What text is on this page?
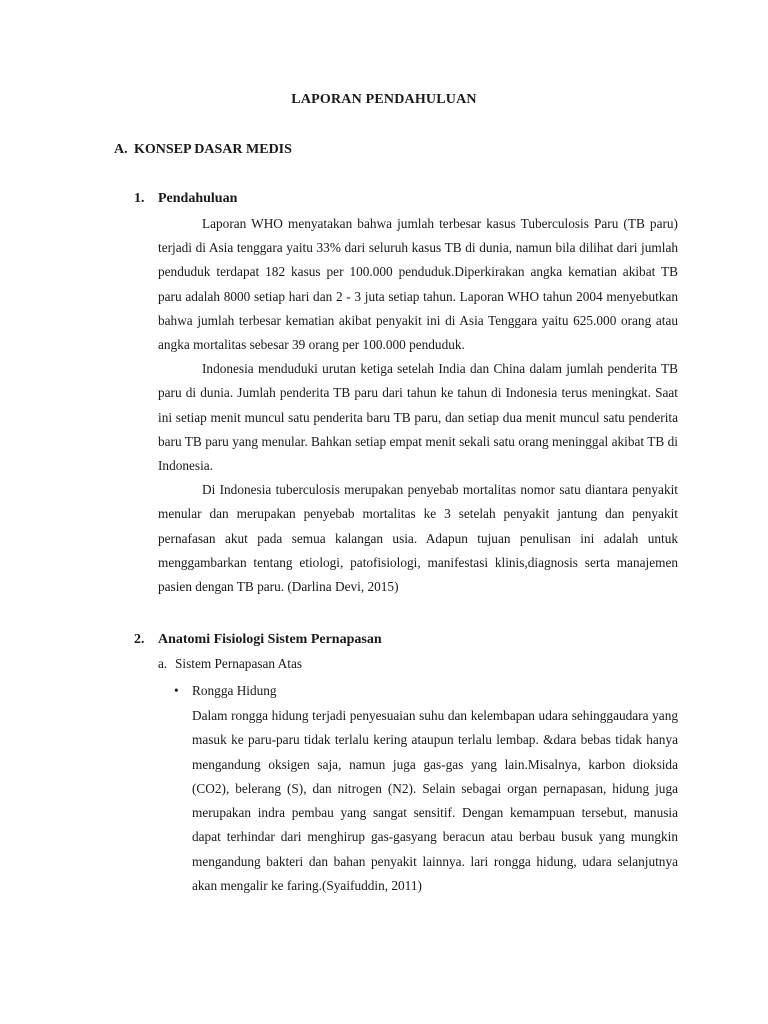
LAPORAN PENDAHULUAN
A. KONSEP DASAR MEDIS
1. Pendahuluan

Laporan WHO menyatakan bahwa jumlah terbesar kasus Tuberculosis Paru (TB paru) terjadi di Asia tenggara yaitu 33% dari seluruh kasus TB di dunia, namun bila dilihat dari jumlah penduduk terdapat 182 kasus per 100.000 penduduk.Diperkirakan angka kematian akibat TB paru adalah 8000 setiap hari dan 2 - 3 juta setiap tahun. Laporan WHO tahun 2004 menyebutkan bahwa jumlah terbesar kematian akibat penyakit ini di Asia Tenggara yaitu 625.000 orang atau angka mortalitas sebesar 39 orang per 100.000 penduduk.

Indonesia menduduki urutan ketiga setelah India dan China dalam jumlah penderita TB paru di dunia. Jumlah penderita TB paru dari tahun ke tahun di Indonesia terus meningkat. Saat ini setiap menit muncul satu penderita baru TB paru, dan setiap dua menit muncul satu penderita baru TB paru yang menular. Bahkan setiap empat menit sekali satu orang meninggal akibat TB di Indonesia.

Di Indonesia tuberculosis merupakan penyebab mortalitas nomor satu diantara penyakit menular dan merupakan penyebab mortalitas ke 3 setelah penyakit jantung dan penyakit pernafasan akut pada semua kalangan usia. Adapun tujuan penulisan ini adalah untuk menggambarkan tentang etiologi, patofisiologi, manifestasi klinis,diagnosis serta manajemen pasien dengan TB paru. (Darlina Devi, 2015)

2. Anatomi Fisiologi Sistem Pernapasan
a. Sistem Pernapasan Atas
• Rongga Hidung

Dalam rongga hidung terjadi penyesuaian suhu dan kelembapan udara sehinggaudara yang masuk ke paru-paru tidak terlalu kering ataupun terlalu lembap. &dara bebas tidak hanya mengandung oksigen saja, namun juga gas-gas yang lain.Misalnya, karbon dioksida (CO2), belerang (S), dan nitrogen (N2). Selain sebagai organ pernapasan, hidung juga merupakan indra pembau yang sangat sensitif. Dengan kemampuan tersebut, manusia dapat terhindar dari menghirup gas-gasyang beracun atau berbau busuk yang mungkin mengandung bakteri dan bahan penyakit lainnya. lari rongga hidung, udara selanjutnya akan mengalir ke faring.(Syaifuddin, 2011)
